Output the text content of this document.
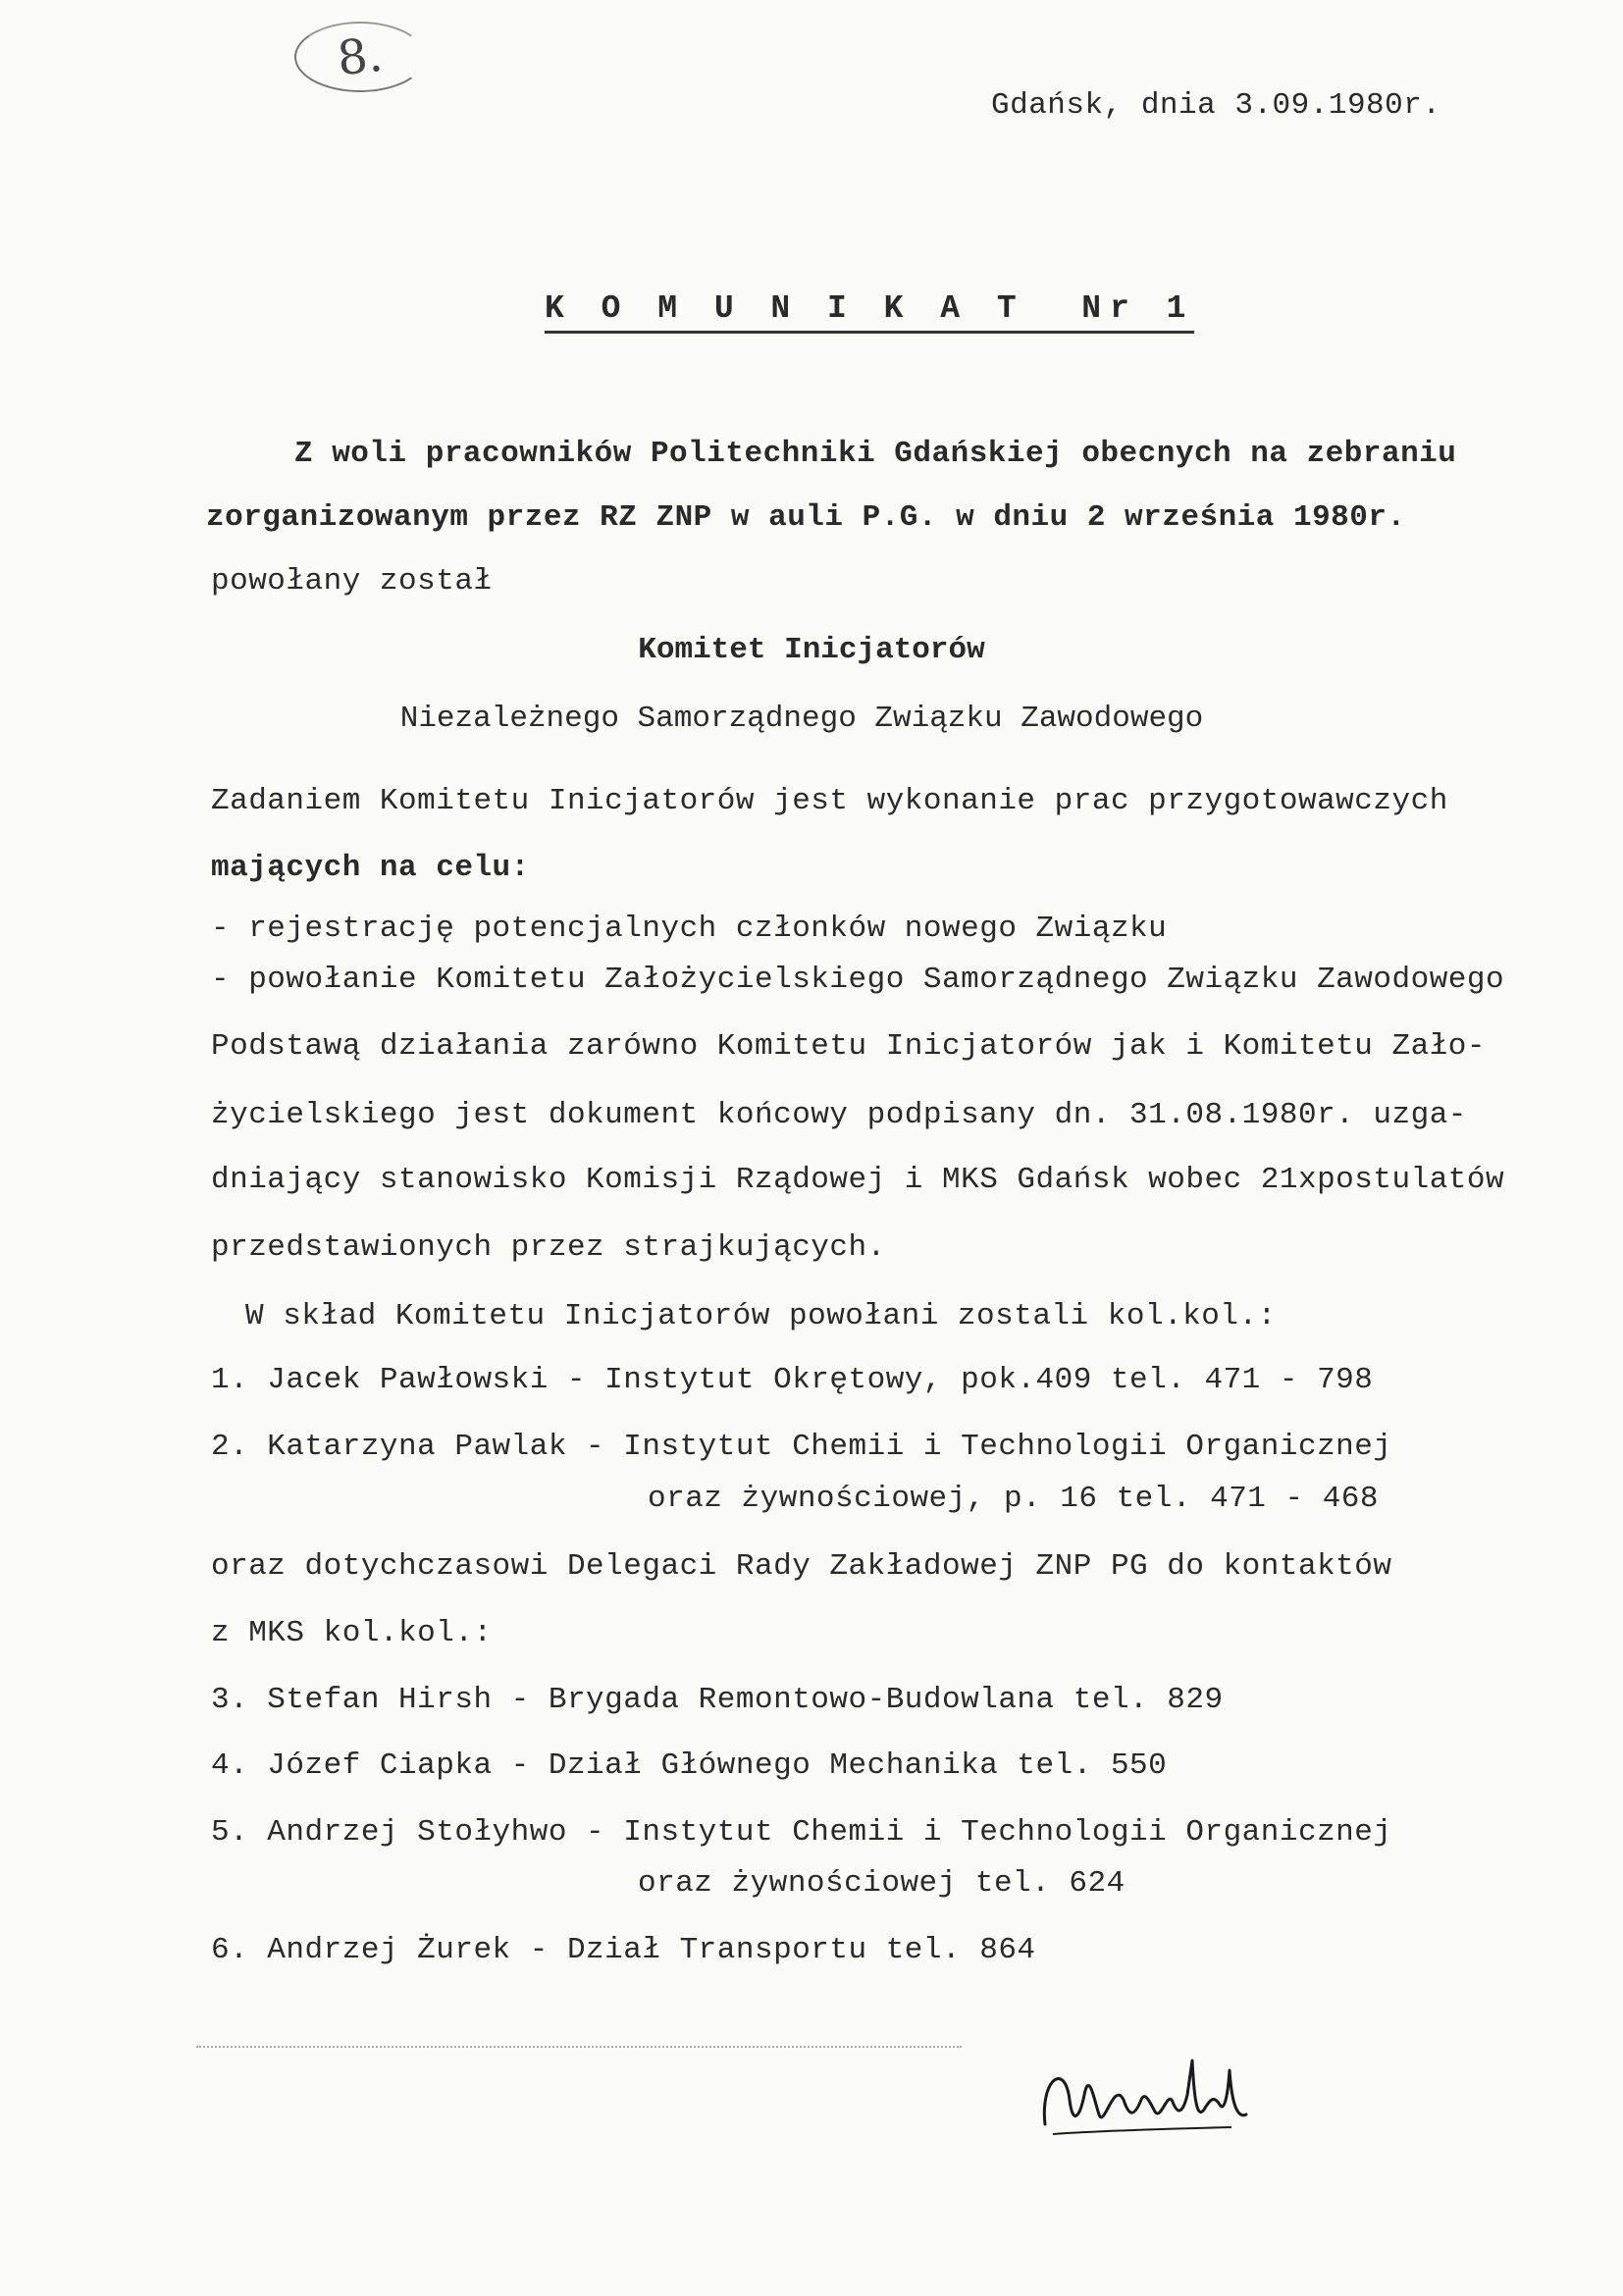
8.
Gdańsk, dnia 3.09.1980r.
K O M U N I K A T  Nr 1
Z woli pracowników Politechniki Gdańskiej obecnych na zebraniu
zorganizowanym przez RZ ZNP w auli P.G. w dniu 2 września 1980r.
powołany został
Komitet Inicjatorów
Niezależnego Samorządnego Związku Zawodowego
Zadaniem Komitetu Inicjatorów jest wykonanie prac przygotowawczych
mających na celu:
- rejestrację potencjalnych członków nowego Związku
- powołanie Komitetu Założycielskiego Samorządnego Związku Zawodowego
Podstawą działania zarówno Komitetu Inicjatorów jak i Komitetu Zało-
życielskiego jest dokument końcowy podpisany dn. 31.08.1980r. uzga-
dniający stanowisko Komisji Rządowej i MKS Gdańsk wobec 21xpostulatów
przedstawionych przez strajkujących.
W skład Komitetu Inicjatorów powołani zostali kol.kol.:
1. Jacek Pawłowski - Instytut Okrętowy, pok.409 tel. 471 - 798
2. Katarzyna Pawlak - Instytut Chemii i Technologii Organicznej
oraz żywnościowej, p. 16 tel. 471 - 468
oraz dotychczasowi Delegaci Rady Zakładowej ZNP PG do kontaktów
z MKS kol.kol.:
3. Stefan Hirsh - Brygada Remontowo-Budowlana tel. 829
4. Józef Ciapka - Dział Głównego Mechanika tel. 550
5. Andrzej Stołyhwo - Instytut Chemii i Technologii Organicznej
oraz żywnościowej tel. 624
6. Andrzej Żurek - Dział Transportu tel. 864
